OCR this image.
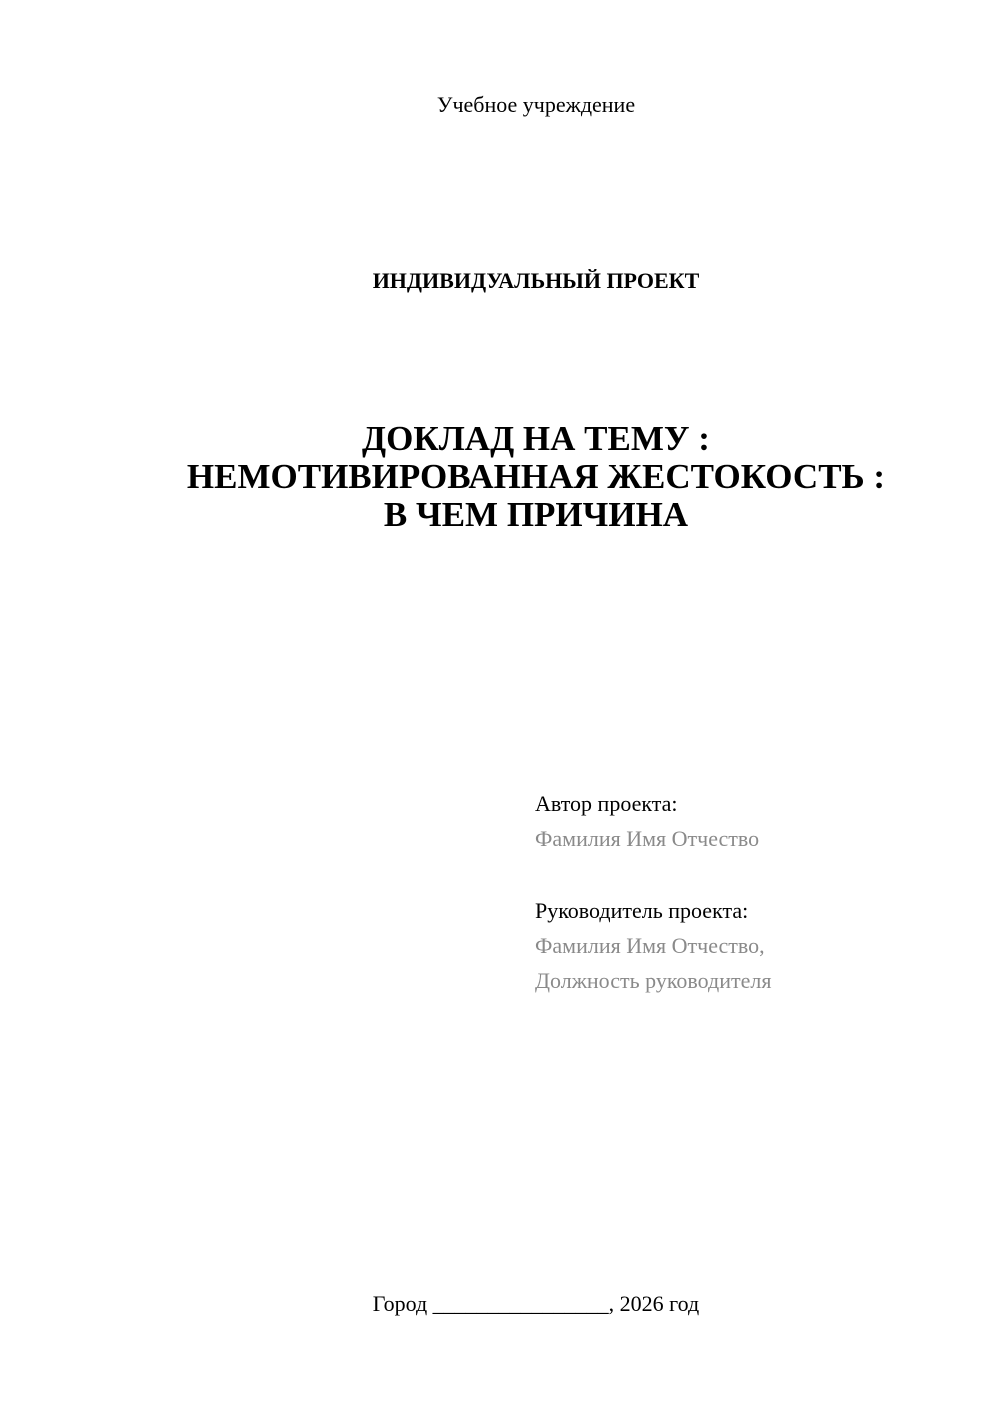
Учебное учреждение
ИНДИВИДУАЛЬНЫЙ ПРОЕКТ
ДОКЛАД НА ТЕМУ :
НЕМОТИВИРОВАННАЯ ЖЕСТОКОСТЬ :
В ЧЕМ ПРИЧИНА
Автор проекта:
Фамилия Имя Отчество
Руководитель проекта:
Фамилия Имя Отчество,
Должность руководителя
Город ________________, 2026 год
